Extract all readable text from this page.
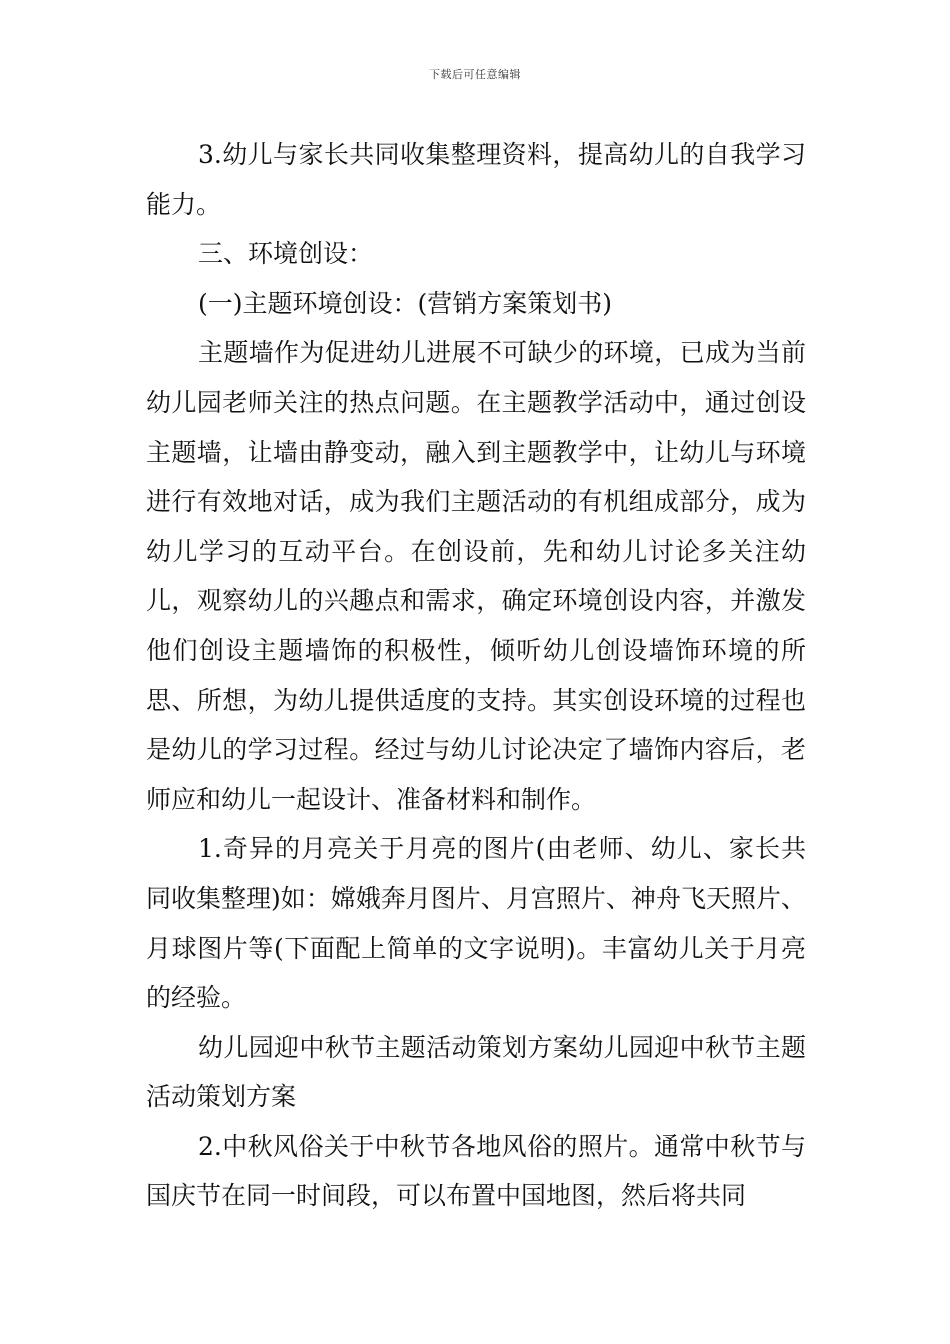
下载后可任意编辑

3.幼儿与家长共同收集整理资料，提高幼儿的自我学习能力。

三、环境创设：

(一)主题环境创设：(营销方案策划书)

主题墙作为促进幼儿进展不可缺少的环境，已成为当前幼儿园老师关注的热点问题。在主题教学活动中，通过创设主题墙，让墙由静变动，融入到主题教学中，让幼儿与环境进行有效地对话，成为我们主题活动的有机组成部分，成为幼儿学习的互动平台。在创设前，先和幼儿讨论多关注幼儿，观察幼儿的兴趣点和需求，确定环境创设内容，并激发他们创设主题墙饰的积极性，倾听幼儿创设墙饰环境的所思、所想，为幼儿提供适度的支持。其实创设环境的过程也是幼儿的学习过程。经过与幼儿讨论决定了墙饰内容后，老师应和幼儿一起设计、准备材料和制作。

1.奇异的月亮关于月亮的图片(由老师、幼儿、家长共同收集整理)如：嫦娥奔月图片、月宫照片、神舟飞天照片、月球图片等(下面配上简单的文字说明)。丰富幼儿关于月亮的经验。

幼儿园迎中秋节主题活动策划方案幼儿园迎中秋节主题活动策划方案

2.中秋风俗关于中秋节各地风俗的照片。通常中秋节与国庆节在同一时间段，可以布置中国地图，然后将共同
